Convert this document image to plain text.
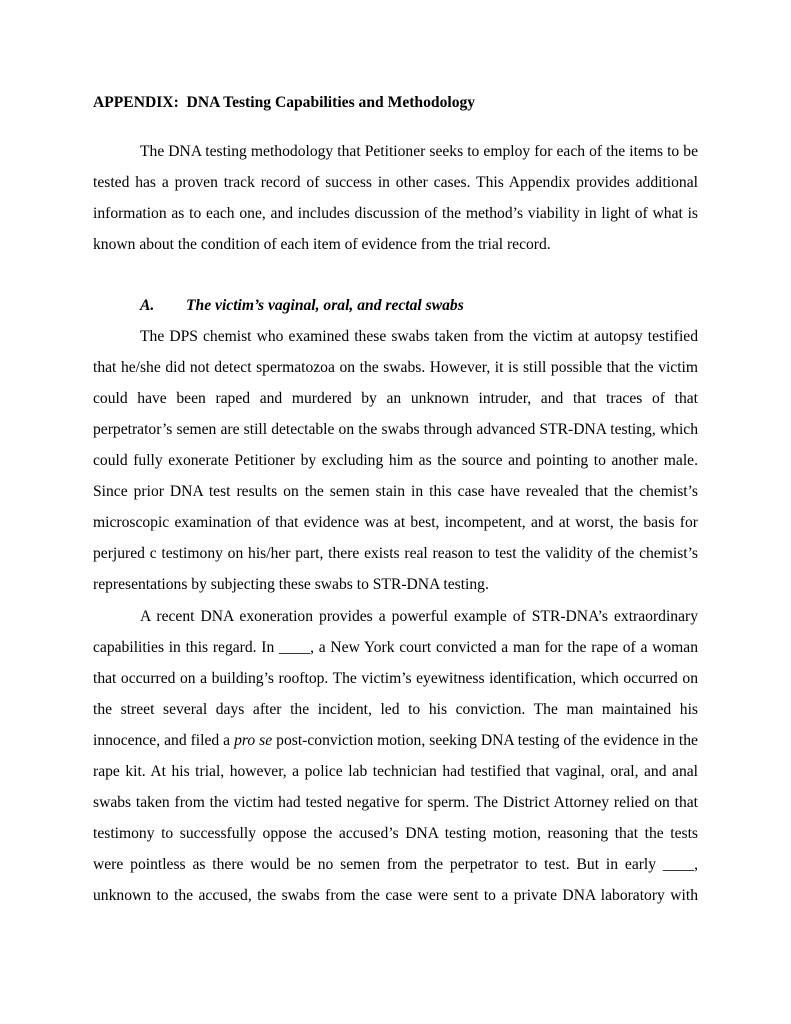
APPENDIX:  DNA Testing Capabilities and Methodology
The DNA testing methodology that Petitioner seeks to employ for each of the items to be
tested has a proven track record of success in other cases. This Appendix provides additional
information as to each one, and includes discussion of the method’s viability in light of what is
known about the condition of each item of evidence from the trial record.
A. The victim’s vaginal, oral, and rectal swabs
The DPS chemist who examined these swabs taken from the victim at autopsy testified
that he/she did not detect spermatozoa on the swabs. However, it is still possible that the victim
could have been raped and murdered by an unknown intruder, and that traces of that
perpetrator’s semen are still detectable on the swabs through advanced STR-DNA testing, which
could fully exonerate Petitioner by excluding him as the source and pointing to another male.
Since prior DNA test results on the semen stain in this case have revealed that the chemist’s
microscopic examination of that evidence was at best, incompetent, and at worst, the basis for
perjured c testimony on his/her part, there exists real reason to test the validity of the chemist’s
representations by subjecting these swabs to STR-DNA testing.
A recent DNA exoneration provides a powerful example of STR-DNA’s extraordinary
capabilities in this regard. In ____, a New York court convicted a man for the rape of a woman
that occurred on a building’s rooftop. The victim’s eyewitness identification, which occurred on
the street several days after the incident, led to his conviction. The man maintained his
innocence, and filed a pro se post-conviction motion, seeking DNA testing of the evidence in the
rape kit. At his trial, however, a police lab technician had testified that vaginal, oral, and anal
swabs taken from the victim had tested negative for sperm. The District Attorney relied on that
testimony to successfully oppose the accused’s DNA testing motion, reasoning that the tests
were pointless as there would be no semen from the perpetrator to test. But in early ____,
unknown to the accused, the swabs from the case were sent to a private DNA laboratory with
